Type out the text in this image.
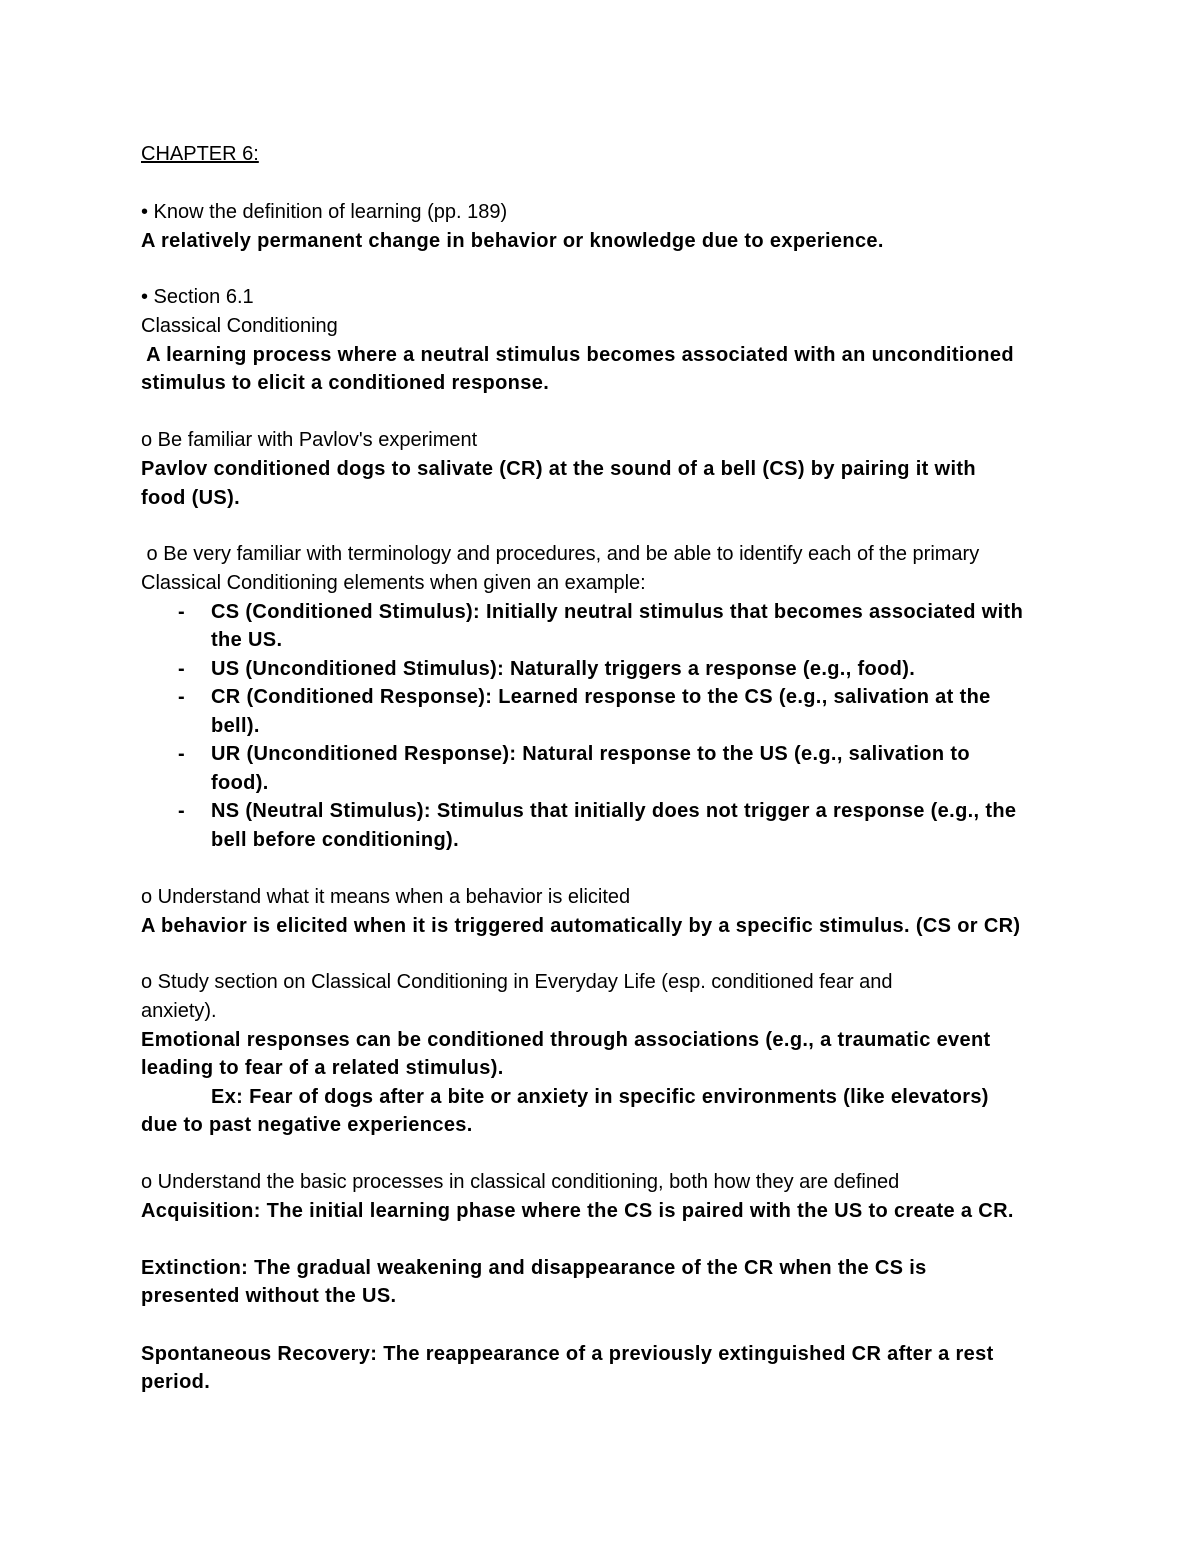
CHAPTER 6:
• Know the definition of learning (pp. 189)
A relatively permanent change in behavior or knowledge due to experience.
• Section 6.1
Classical Conditioning
A learning process where a neutral stimulus becomes associated with an unconditioned
stimulus to elicit a conditioned response.
o Be familiar with Pavlov's experiment
Pavlov conditioned dogs to salivate (CR) at the sound of a bell (CS) by pairing it with
food (US).
o Be very familiar with terminology and procedures, and be able to identify each of the primary
Classical Conditioning elements when given an example:
- CS (Conditioned Stimulus): Initially neutral stimulus that becomes associated with
the US.
- US (Unconditioned Stimulus): Naturally triggers a response (e.g., food).
- CR (Conditioned Response): Learned response to the CS (e.g., salivation at the
bell).
- UR (Unconditioned Response): Natural response to the US (e.g., salivation to
food).
- NS (Neutral Stimulus): Stimulus that initially does not trigger a response (e.g., the
bell before conditioning).
o Understand what it means when a behavior is elicited
A behavior is elicited when it is triggered automatically by a specific stimulus. (CS or CR)
o Study section on Classical Conditioning in Everyday Life (esp. conditioned fear and
anxiety).
Emotional responses can be conditioned through associations (e.g., a traumatic event
leading to fear of a related stimulus).
Ex: Fear of dogs after a bite or anxiety in specific environments (like elevators)
due to past negative experiences.
o Understand the basic processes in classical conditioning, both how they are defined
Acquisition: The initial learning phase where the CS is paired with the US to create a CR.
Extinction: The gradual weakening and disappearance of the CR when the CS is
presented without the US.
Spontaneous Recovery: The reappearance of a previously extinguished CR after a rest
period.
